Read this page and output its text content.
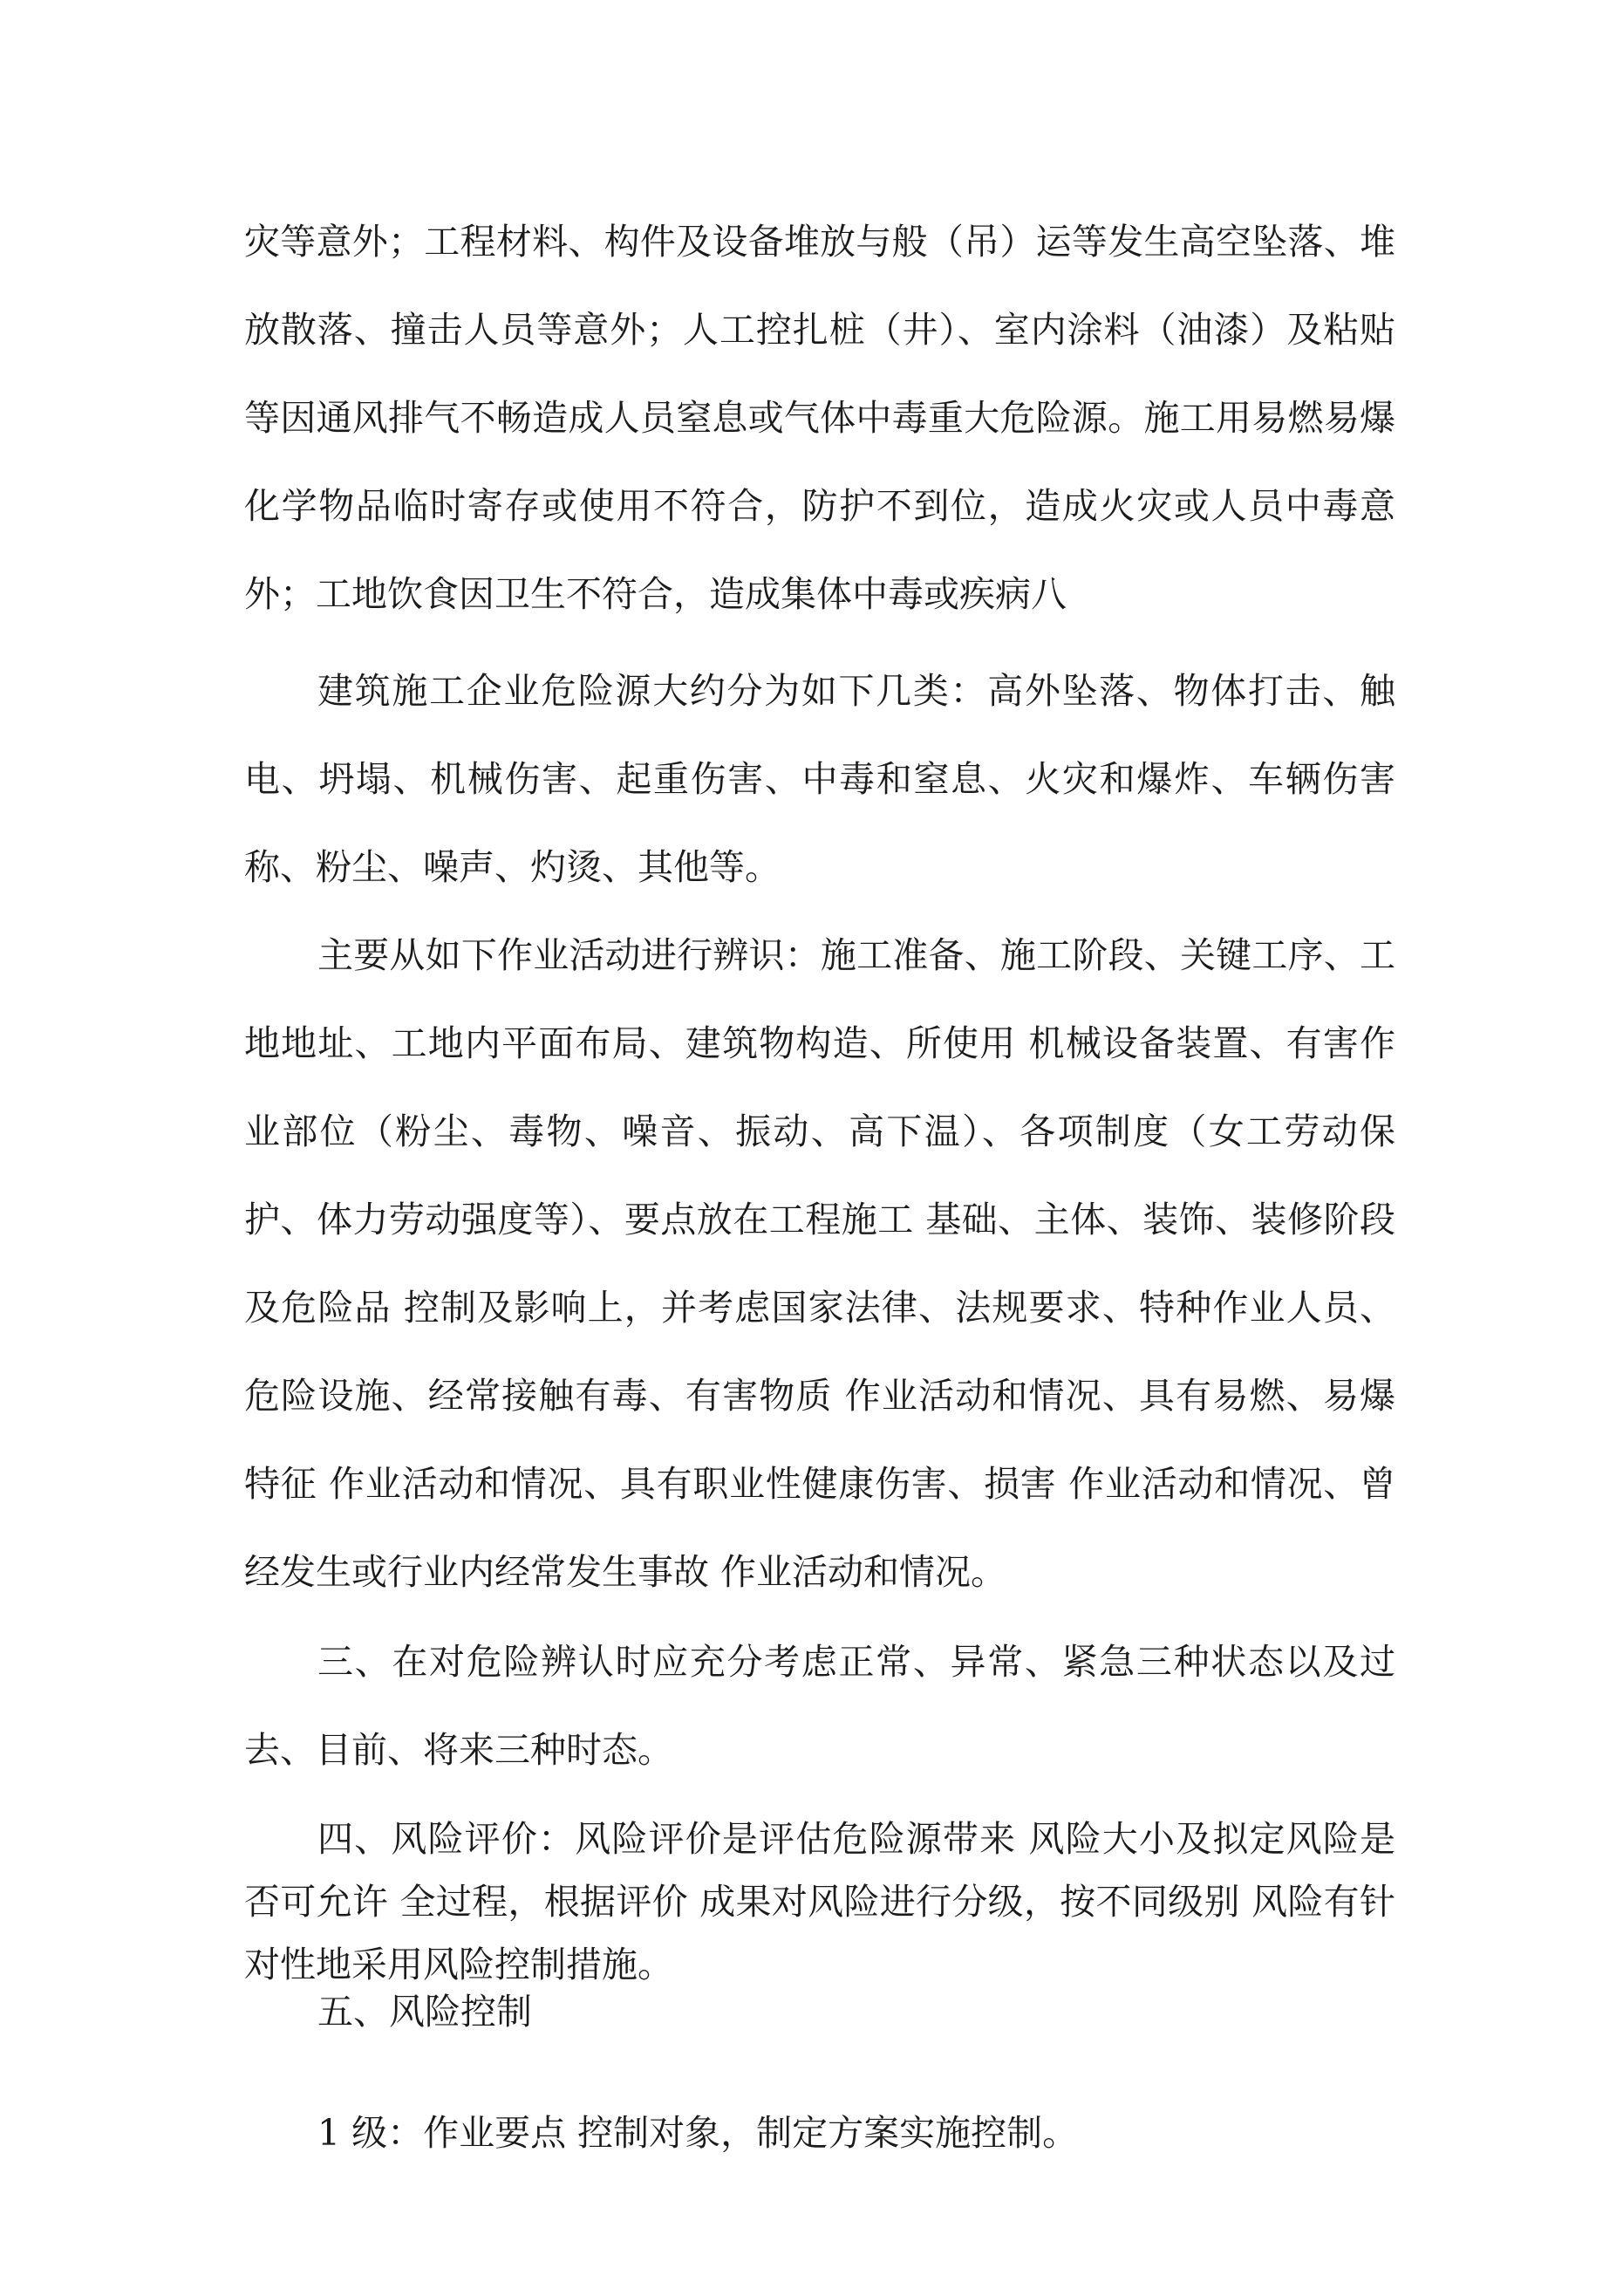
灾等意外；工程材料、构件及设备堆放与般（吊）运等发生高空坠落、堆放散落、撞击人员等意外；人工控扎桩（井）、室内涂料（油漆）及粘贴等因通风排气不畅造成人员窒息或气体中毒重大危险源。施工用易燃易爆化学物品临时寄存或使用不符合，防护不到位，造成火灾或人员中毒意外；工地饮食因卫生不符合，造成集体中毒或疾病八

建筑施工企业危险源大约分为如下几类：高外坠落、物体打击、触电、坍塌、机械伤害、起重伤害、中毒和窒息、火灾和爆炸、车辆伤害称、粉尘、噪声、灼烫、其他等。

主要从如下作业活动进行辨识：施工准备、施工阶段、关键工序、工地地址、工地内平面布局、建筑物构造、所使用 机械设备装置、有害作业部位（粉尘、毒物、噪音、振动、高下温）、各项制度（女工劳动保护、体力劳动强度等）、要点放在工程施工 基础、主体、装饰、装修阶段及危险品 控制及影响上，并考虑国家法律、法规要求、特种作业人员、危险设施、经常接触有毒、有害物质 作业活动和情况、具有易燃、易爆特征 作业活动和情况、具有职业性健康伤害、损害 作业活动和情况、曾经发生或行业内经常发生事故 作业活动和情况。

三、在对危险辨认时应充分考虑正常、异常、紧急三种状态以及过去、目前、将来三种时态。

四、风险评价：风险评价是评估危险源带来 风险大小及拟定风险是否可允许 全过程，根据评价 成果对风险进行分级，按不同级别 风险有针对性地采用风险控制措施。

五、风险控制

1 级：作业要点 控制对象，制定方案实施控制。
